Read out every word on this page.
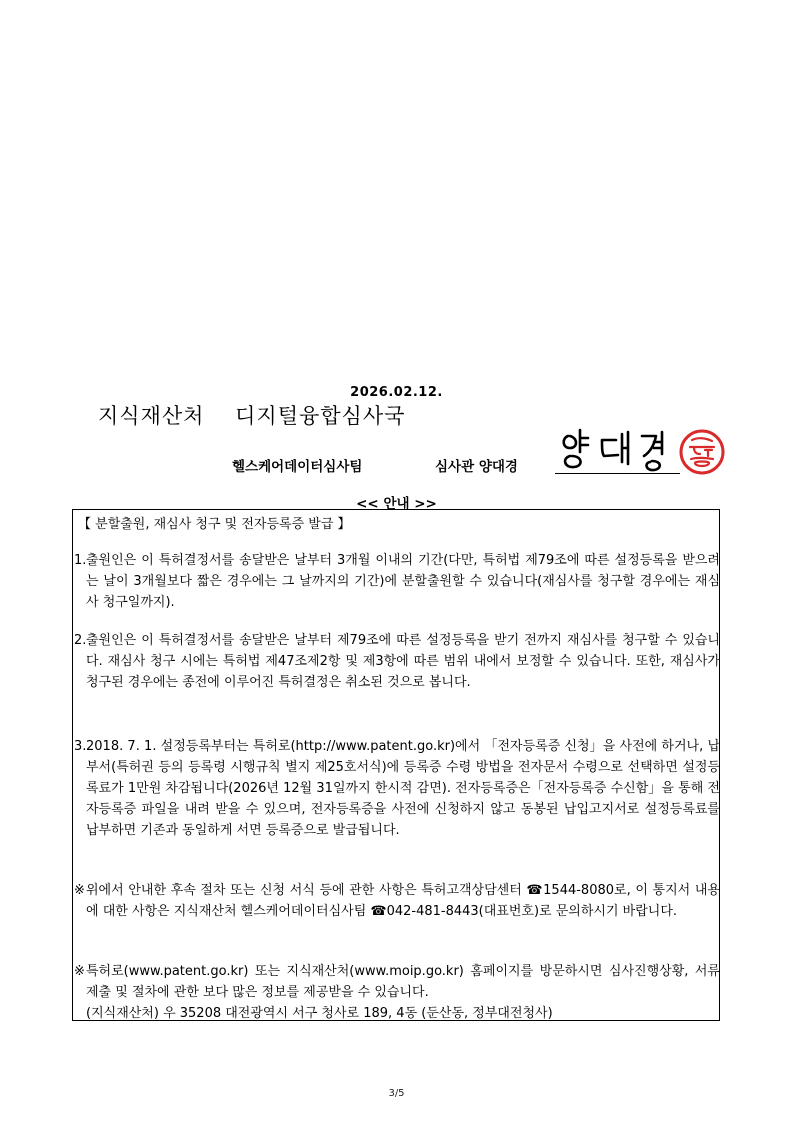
2026.02.12.
지식재산처    디지털융합심사국
헬스케어데이터심사팀	심사관 양대경
<< 안내 >>
【 분할출원, 재심사 청구 및 전자등록증 발급 】
1. 출원인은 이 특허결정서를 송달받은 날부터 3개월 이내의 기간(다만, 특허법 제79조에 따른 설정등록을 받으려는 날이 3개월보다 짧은 경우에는 그 날까지의 기간)에 분할출원할 수 있습니다(재심사를 청구할 경우에는 재심사 청구일까지).
2. 출원인은 이 특허결정서를 송달받은 날부터 제79조에 따른 설정등록을 받기 전까지 재심사를 청구할 수 있습니다. 재심사 청구 시에는 특허법 제47조제2항 및 제3항에 따른 범위 내에서 보정할 수 있습니다. 또한, 재심사가 청구된 경우에는 종전에 이루어진 특허결정은 취소된 것으로 봅니다.
3. 2018. 7. 1. 설정등록부터는 특허로(http://www.patent.go.kr)에서 「전자등록증 신청」을 사전에 하거나, 납부서(특허권 등의 등록령 시행규칙 별지 제25호서식)에 등록증 수령 방법을 전자문서 수령으로 선택하면 설정등록료가 1만원 차감됩니다(2026년 12월 31일까지 한시적 감면). 전자등록증은「전자등록증 수신함」을 통해 전자등록증 파일을 내려 받을 수 있으며, 전자등록증을 사전에 신청하지 않고 동봉된 납입고지서로 설정등록료를 납부하면 기존과 동일하게 서면 등록증으로 발급됩니다.
※ 위에서 안내한 후속 절차 또는 신청 서식 등에 관한 사항은 특허고객상담센터 ☎1544-8080로, 이 통지서 내용에 대한 사항은 지식재산처 헬스케어데이터심사팀 ☎042-481-8443(대표번호)로 문의하시기 바랍니다.
※ 특허로(www.patent.go.kr) 또는 지식재산처(www.moip.go.kr) 홈페이지를 방문하시면 심사진행상황, 서류 제출 및 절차에 관한 보다 많은 정보를 제공받을 수 있습니다.
(지식재산처) 우 35208 대전광역시 서구 청사로 189, 4동 (둔산동, 정부대전청사)
3/5
